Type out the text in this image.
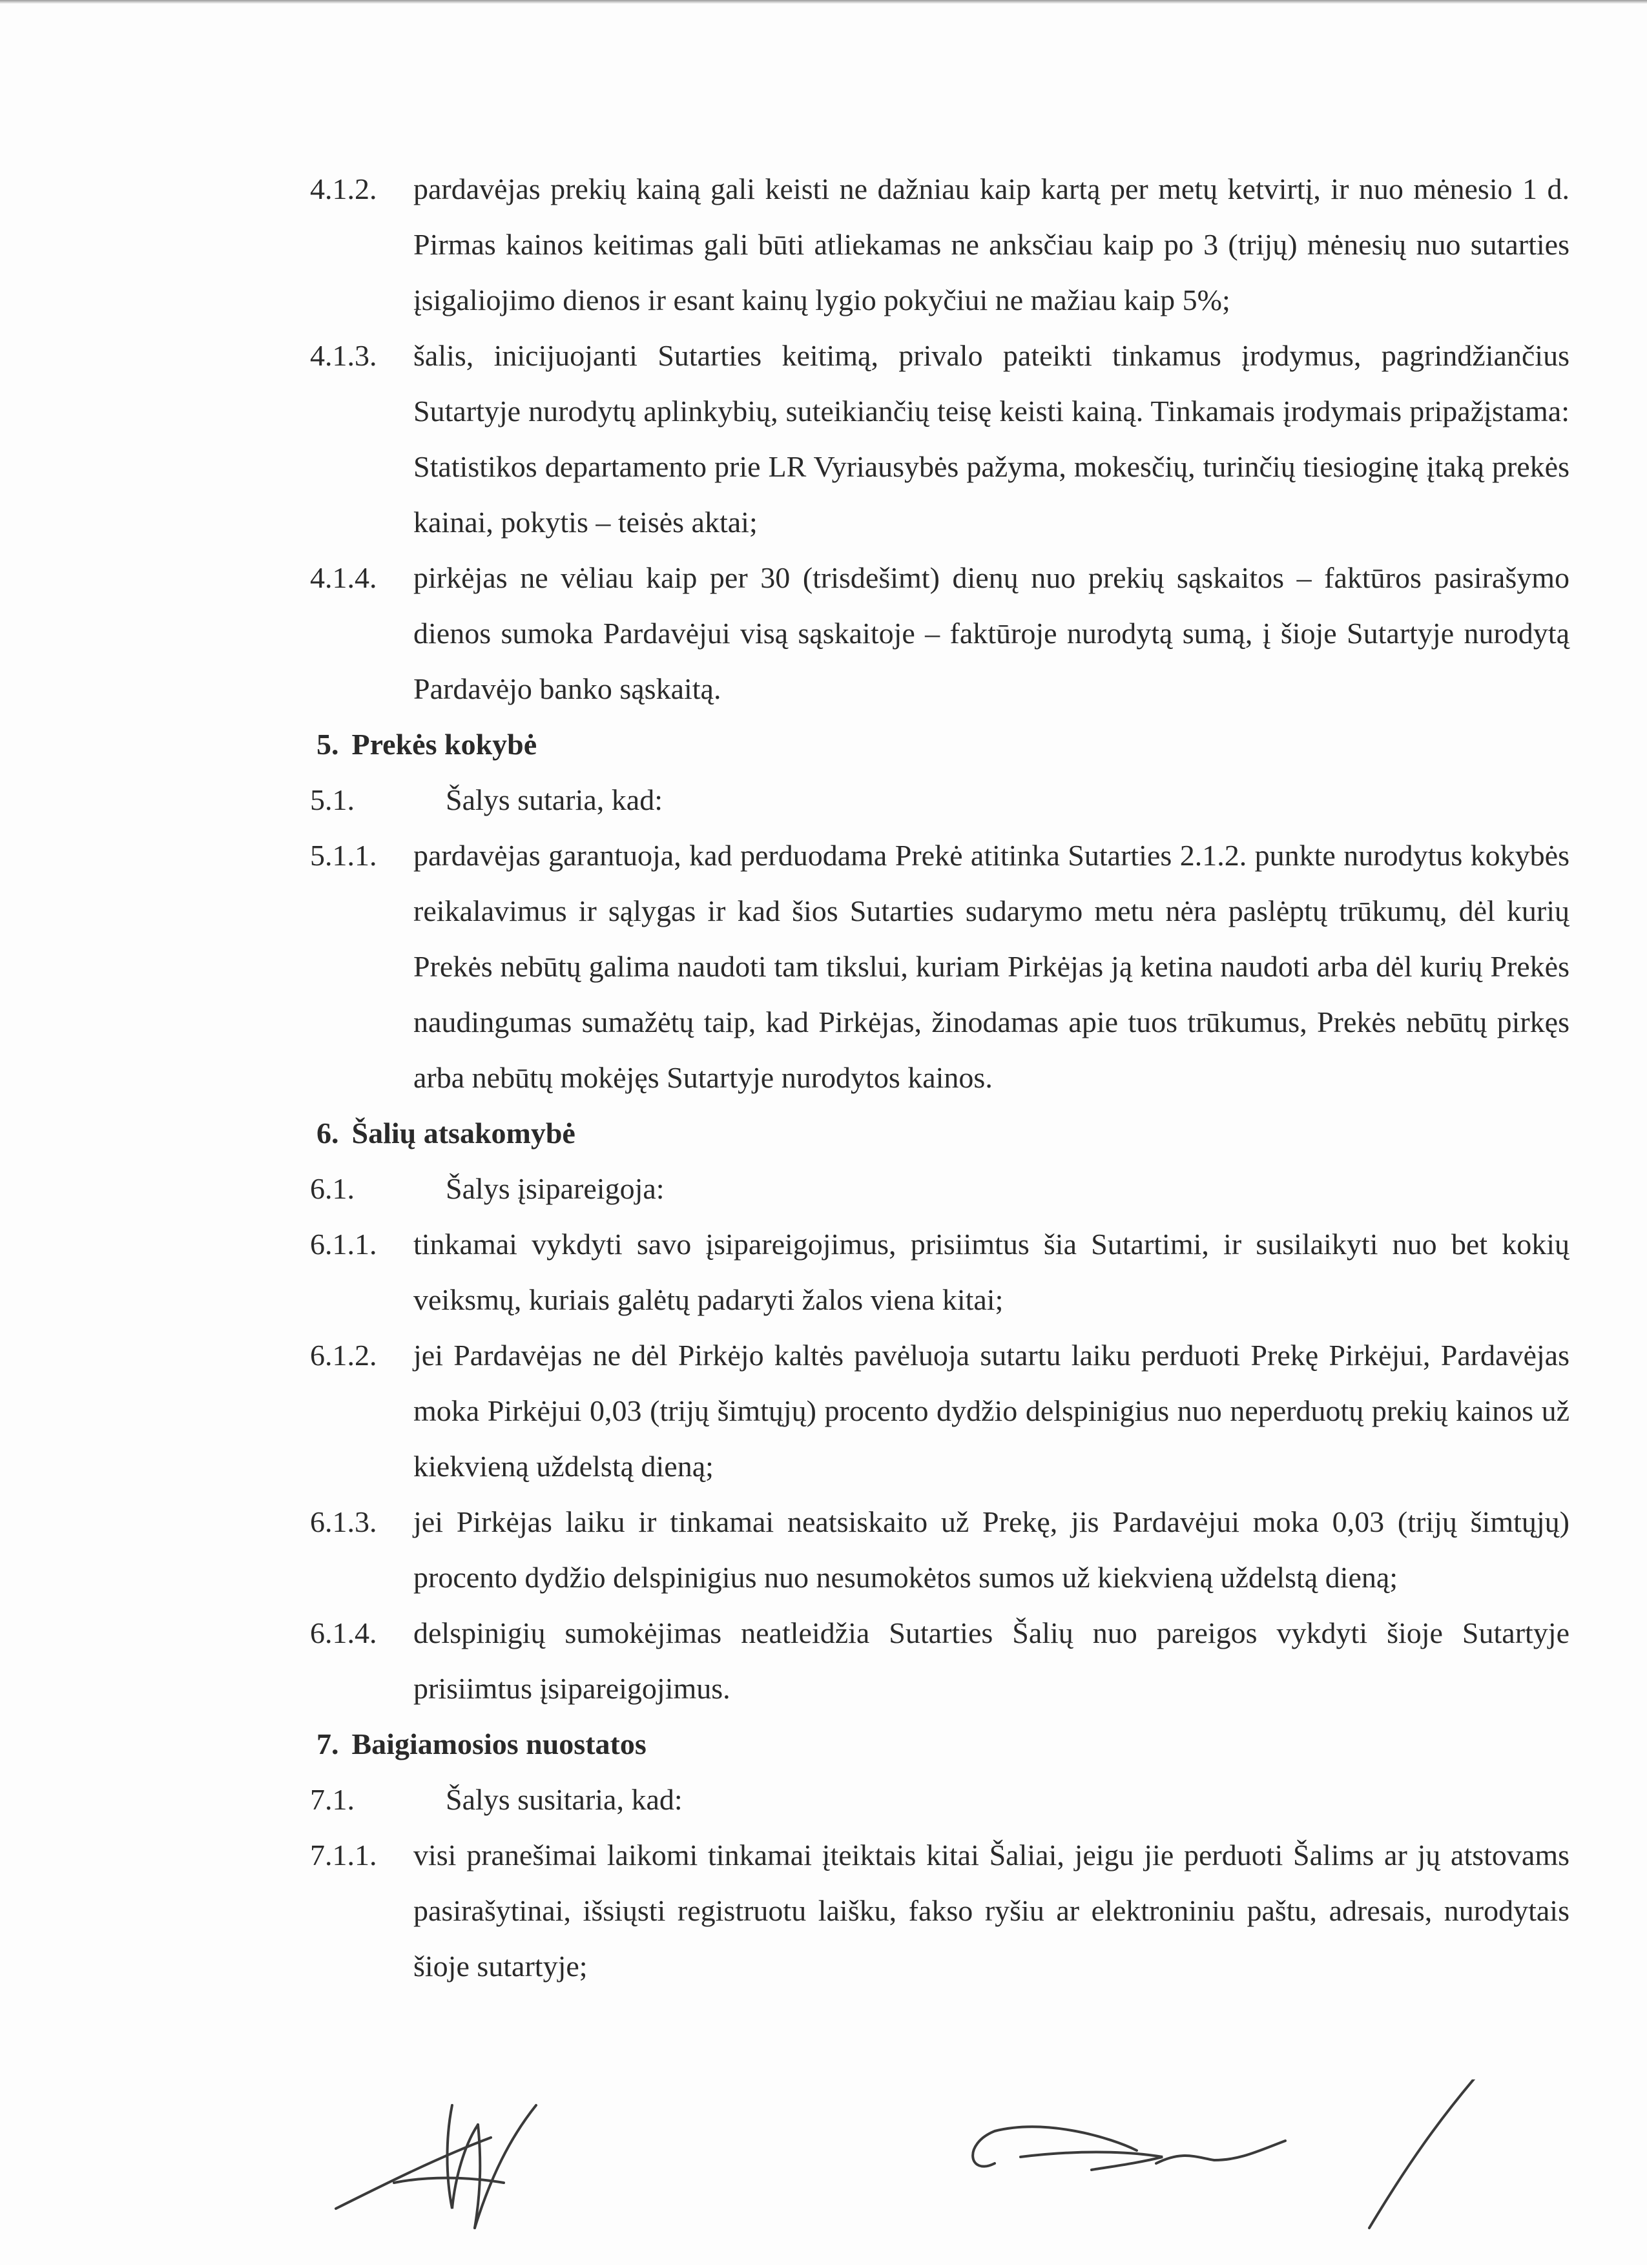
4.1.2. pardavėjas prekių kainą gali keisti ne dažniau kaip kartą per metų ketvirtį, ir nuo mėnesio 1 d. Pirmas kainos keitimas gali būti atliekamas ne anksčiau kaip po 3 (trijų) mėnesių nuo sutarties įsigaliojimo dienos ir esant kainų lygio pokyčiui ne mažiau kaip 5%;
4.1.3. šalis, inicijuojanti Sutarties keitimą, privalo pateikti tinkamus įrodymus, pagrindžiančius Sutartyje nurodytų aplinkybių, suteikiančių teisę keisti kainą. Tinkamais įrodymais pripažįstama: Statistikos departamento prie LR Vyriausybės pažyma, mokesčių, turinčių tiesioginę įtaką prekės kainai, pokytis – teisės aktai;
4.1.4. pirkėjas ne vėliau kaip per 30 (trisdešimt) dienų nuo prekių sąskaitos – faktūros pasirašymo dienos sumoka Pardavėjui visą sąskaitoje – faktūroje nurodytą sumą, į šioje Sutartyje nurodytą Pardavėjo banko sąskaitą.
5. Prekės kokybė
5.1.	Šalys sutaria, kad:
5.1.1. pardavėjas garantuoja, kad perduodama Prekė atitinka Sutarties 2.1.2. punkte nurodytus kokybės reikalavimus ir sąlygas ir kad šios Sutarties sudarymo metu nėra paslėptų trūkumų, dėl kurių Prekės nebūtų galima naudoti tam tikslui, kuriam Pirkėjas ją ketina naudoti arba dėl kurių Prekės naudingumas sumažėtų taip, kad Pirkėjas, žinodamas apie tuos trūkumus, Prekės nebūtų pirkęs arba nebūtų mokėjęs Sutartyje nurodytos kainos.
6. Šalių atsakomybė
6.1.	Šalys įsipareigoja:
6.1.1. tinkamai vykdyti savo įsipareigojimus, prisiimtus šia Sutartimi, ir susilaikyti nuo bet kokių veiksmų, kuriais galėtų padaryti žalos viena kitai;
6.1.2. jei Pardavėjas ne dėl Pirkėjo kaltės pavėluoja sutartu laiku perduoti Prekę Pirkėjui, Pardavėjas moka Pirkėjui 0,03 (trijų šimtųjų) procento dydžio delspinigius nuo neperduotų prekių kainos už kiekvieną uždelstą dieną;
6.1.3. jei Pirkėjas laiku ir tinkamai neatsiskaito už Prekę, jis Pardavėjui moka 0,03 (trijų šimtųjų) procento dydžio delspinigius nuo nesumokėtos sumos už kiekvieną uždelstą dieną;
6.1.4. delspinigių sumokėjimas neatleidžia Sutarties Šalių nuo pareigos vykdyti šioje Sutartyje prisiimtus įsipareigojimus.
7. Baigiamosios nuostatos
7.1.	Šalys susitaria, kad:
7.1.1. visi pranešimai laikomi tinkamai įteiktais kitai Šaliai, jeigu jie perduoti Šalims ar jų atstovams pasirašytinai, išsiųsti registruotu laišku, fakso ryšiu ar elektroniniu paštu, adresais, nurodytais šioje sutartyje;
